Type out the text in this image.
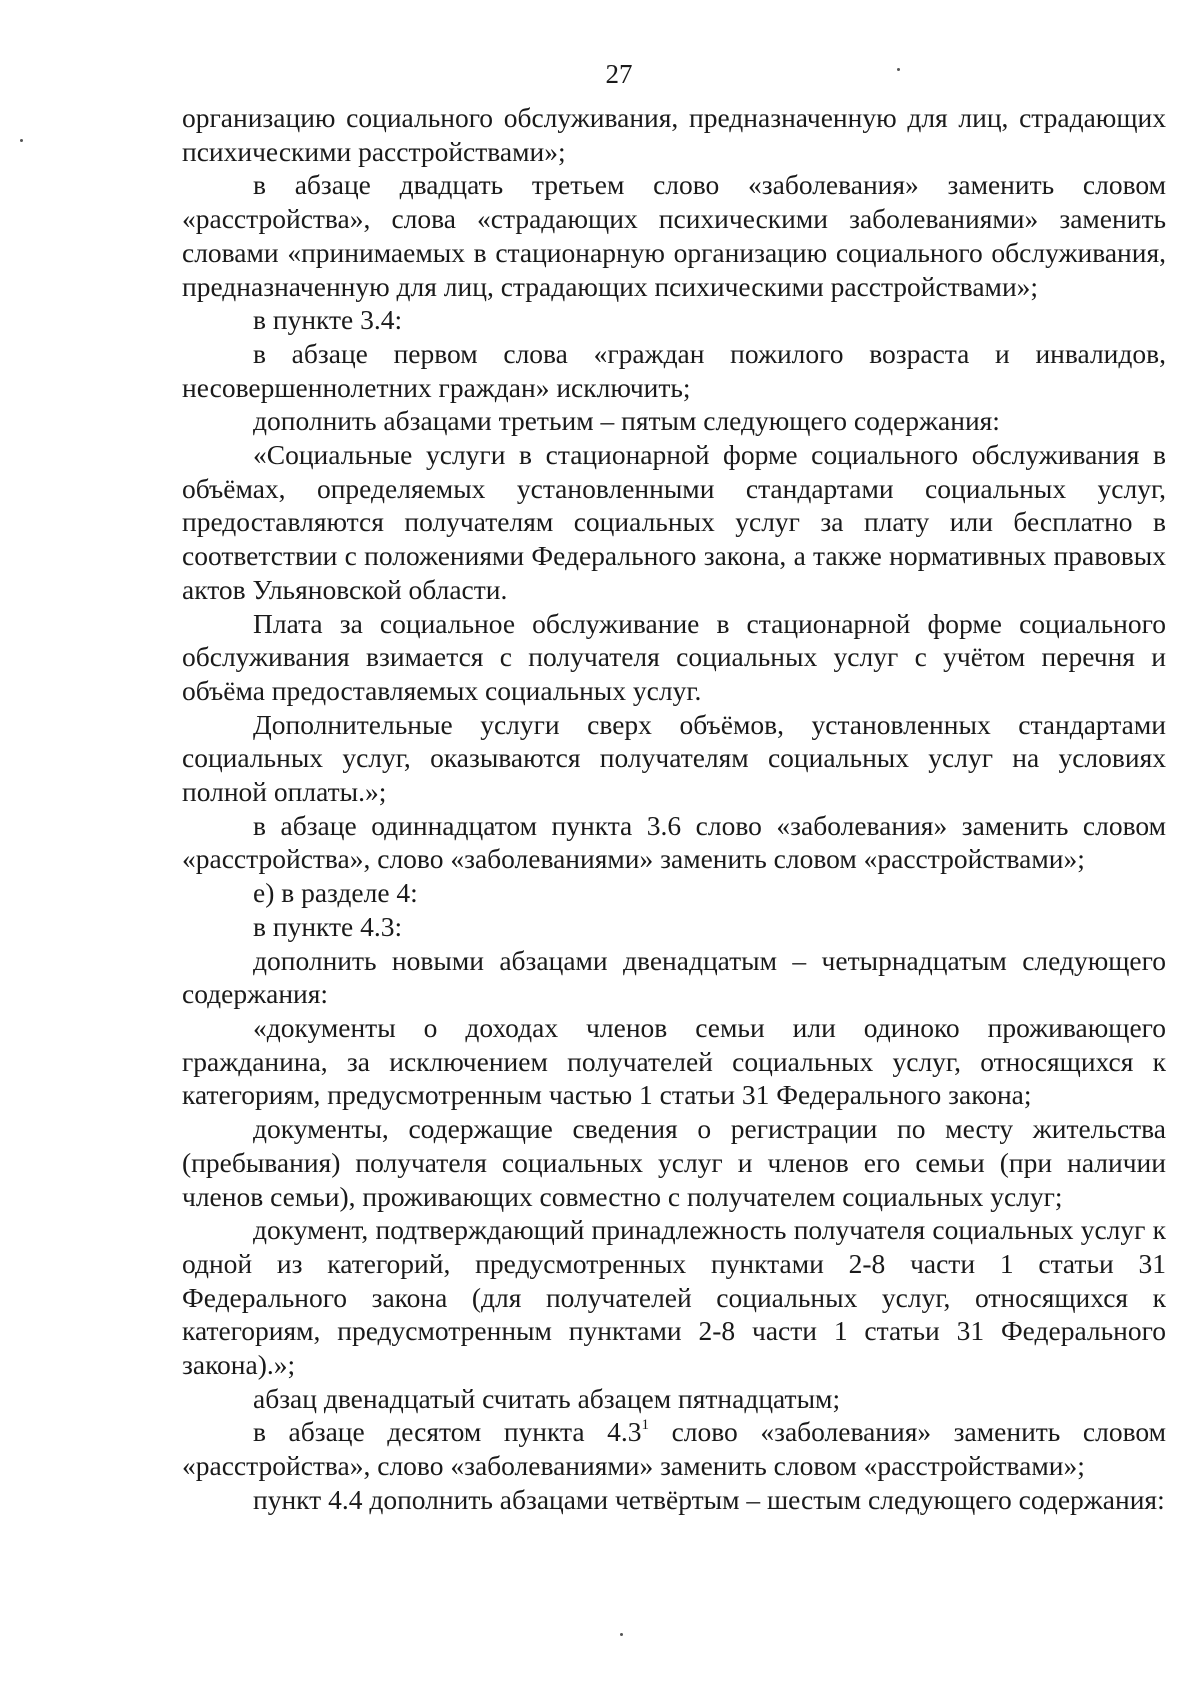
27

организацию социального обслуживания, предназначенную для лиц, страдающих психическими расстройствами»;

в абзаце двадцать третьем слово «заболевания» заменить словом «расстройства», слова «страдающих психическими заболеваниями» заменить словами «принимаемых в стационарную организацию социального обслуживания, предназначенную для лиц, страдающих психическими расстройствами»;

в пункте 3.4:

в абзаце первом слова «граждан пожилого возраста и инвалидов, несовершеннолетних граждан» исключить;

дополнить абзацами третьим – пятым следующего содержания:

«Социальные услуги в стационарной форме социального обслуживания в объёмах, определяемых установленными стандартами социальных услуг, предоставляются получателям социальных услуг за плату или бесплатно в соответствии с положениями Федерального закона, а также нормативных правовых актов Ульяновской области.

Плата за социальное обслуживание в стационарной форме социального обслуживания взимается с получателя социальных услуг с учётом перечня и объёма предоставляемых социальных услуг.

Дополнительные услуги сверх объёмов, установленных стандартами социальных услуг, оказываются получателям социальных услуг на условиях полной оплаты.»;

в абзаце одиннадцатом пункта 3.6 слово «заболевания» заменить словом «расстройства», слово «заболеваниями» заменить словом «расстройствами»;

е) в разделе 4:

в пункте 4.3:

дополнить новыми абзацами двенадцатым – четырнадцатым следующего содержания:

«документы о доходах членов семьи или одиноко проживающего гражданина, за исключением получателей социальных услуг, относящихся к категориям, предусмотренным частью 1 статьи 31 Федерального закона;

документы, содержащие сведения о регистрации по месту жительства (пребывания) получателя социальных услуг и членов его семьи (при наличии членов семьи), проживающих совместно с получателем социальных услуг;

документ, подтверждающий принадлежность получателя социальных услуг к одной из категорий, предусмотренных пунктами 2-8 части 1 статьи 31 Федерального закона (для получателей социальных услуг, относящихся к категориям, предусмотренным пунктами 2-8 части 1 статьи 31 Федерального закона).»;

абзац двенадцатый считать абзацем пятнадцатым;

в абзаце десятом пункта $4.3^1$ слово «заболевания» заменить словом «расстройства», слово «заболеваниями» заменить словом «расстройствами»;

пункт 4.4 дополнить абзацами четвёртым – шестым следующего содержания:
